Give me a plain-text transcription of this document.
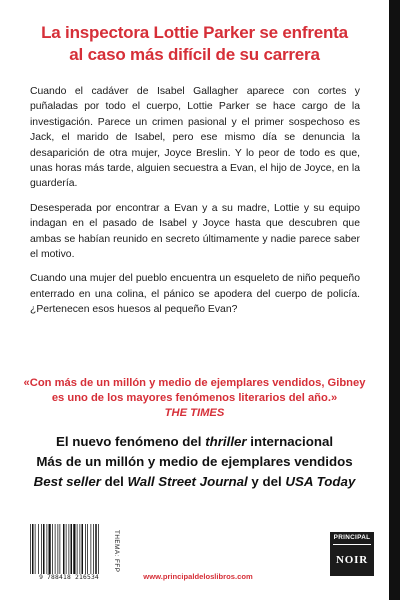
La inspectora Lottie Parker se enfrenta
al caso más difícil de su carrera

Cuando el cadáver de Isabel Gallagher aparece con cortes y puñaladas por todo el cuerpo, Lottie Parker se hace cargo de la investigación. Parece un crimen pasional y el primer sospechoso es Jack, el marido de Isabel, pero ese mismo día se denuncia la desaparición de otra mujer, Joyce Breslin. Y lo peor de todo es que, unas horas más tarde, alguien secuestra a Evan, el hijo de Joyce, en la guardería.

Desesperada por encontrar a Evan y a su madre, Lottie y su equipo indagan en el pasado de Isabel y Joyce hasta que descubren que ambas se habían reunido en secreto últimamente y nadie parece saber el motivo.

Cuando una mujer del pueblo encuentra un esqueleto de niño pequeño enterrado en una colina, el pánico se apodera del cuerpo de policía. ¿Pertenecen esos huesos al pequeño Evan?

«Con más de un millón y medio de ejemplares vendidos, Gibney es uno de los mayores fenómenos literarios del año.»
THE TIMES
El nuevo fenómeno del thriller internacional
Más de un millón y medio de ejemplares vendidos
Best seller del Wall Street Journal y del USA Today
9 788418 216534
THEMA: FFP
www.principaldeloslibros.com
PRINCIPAL
NOIR
